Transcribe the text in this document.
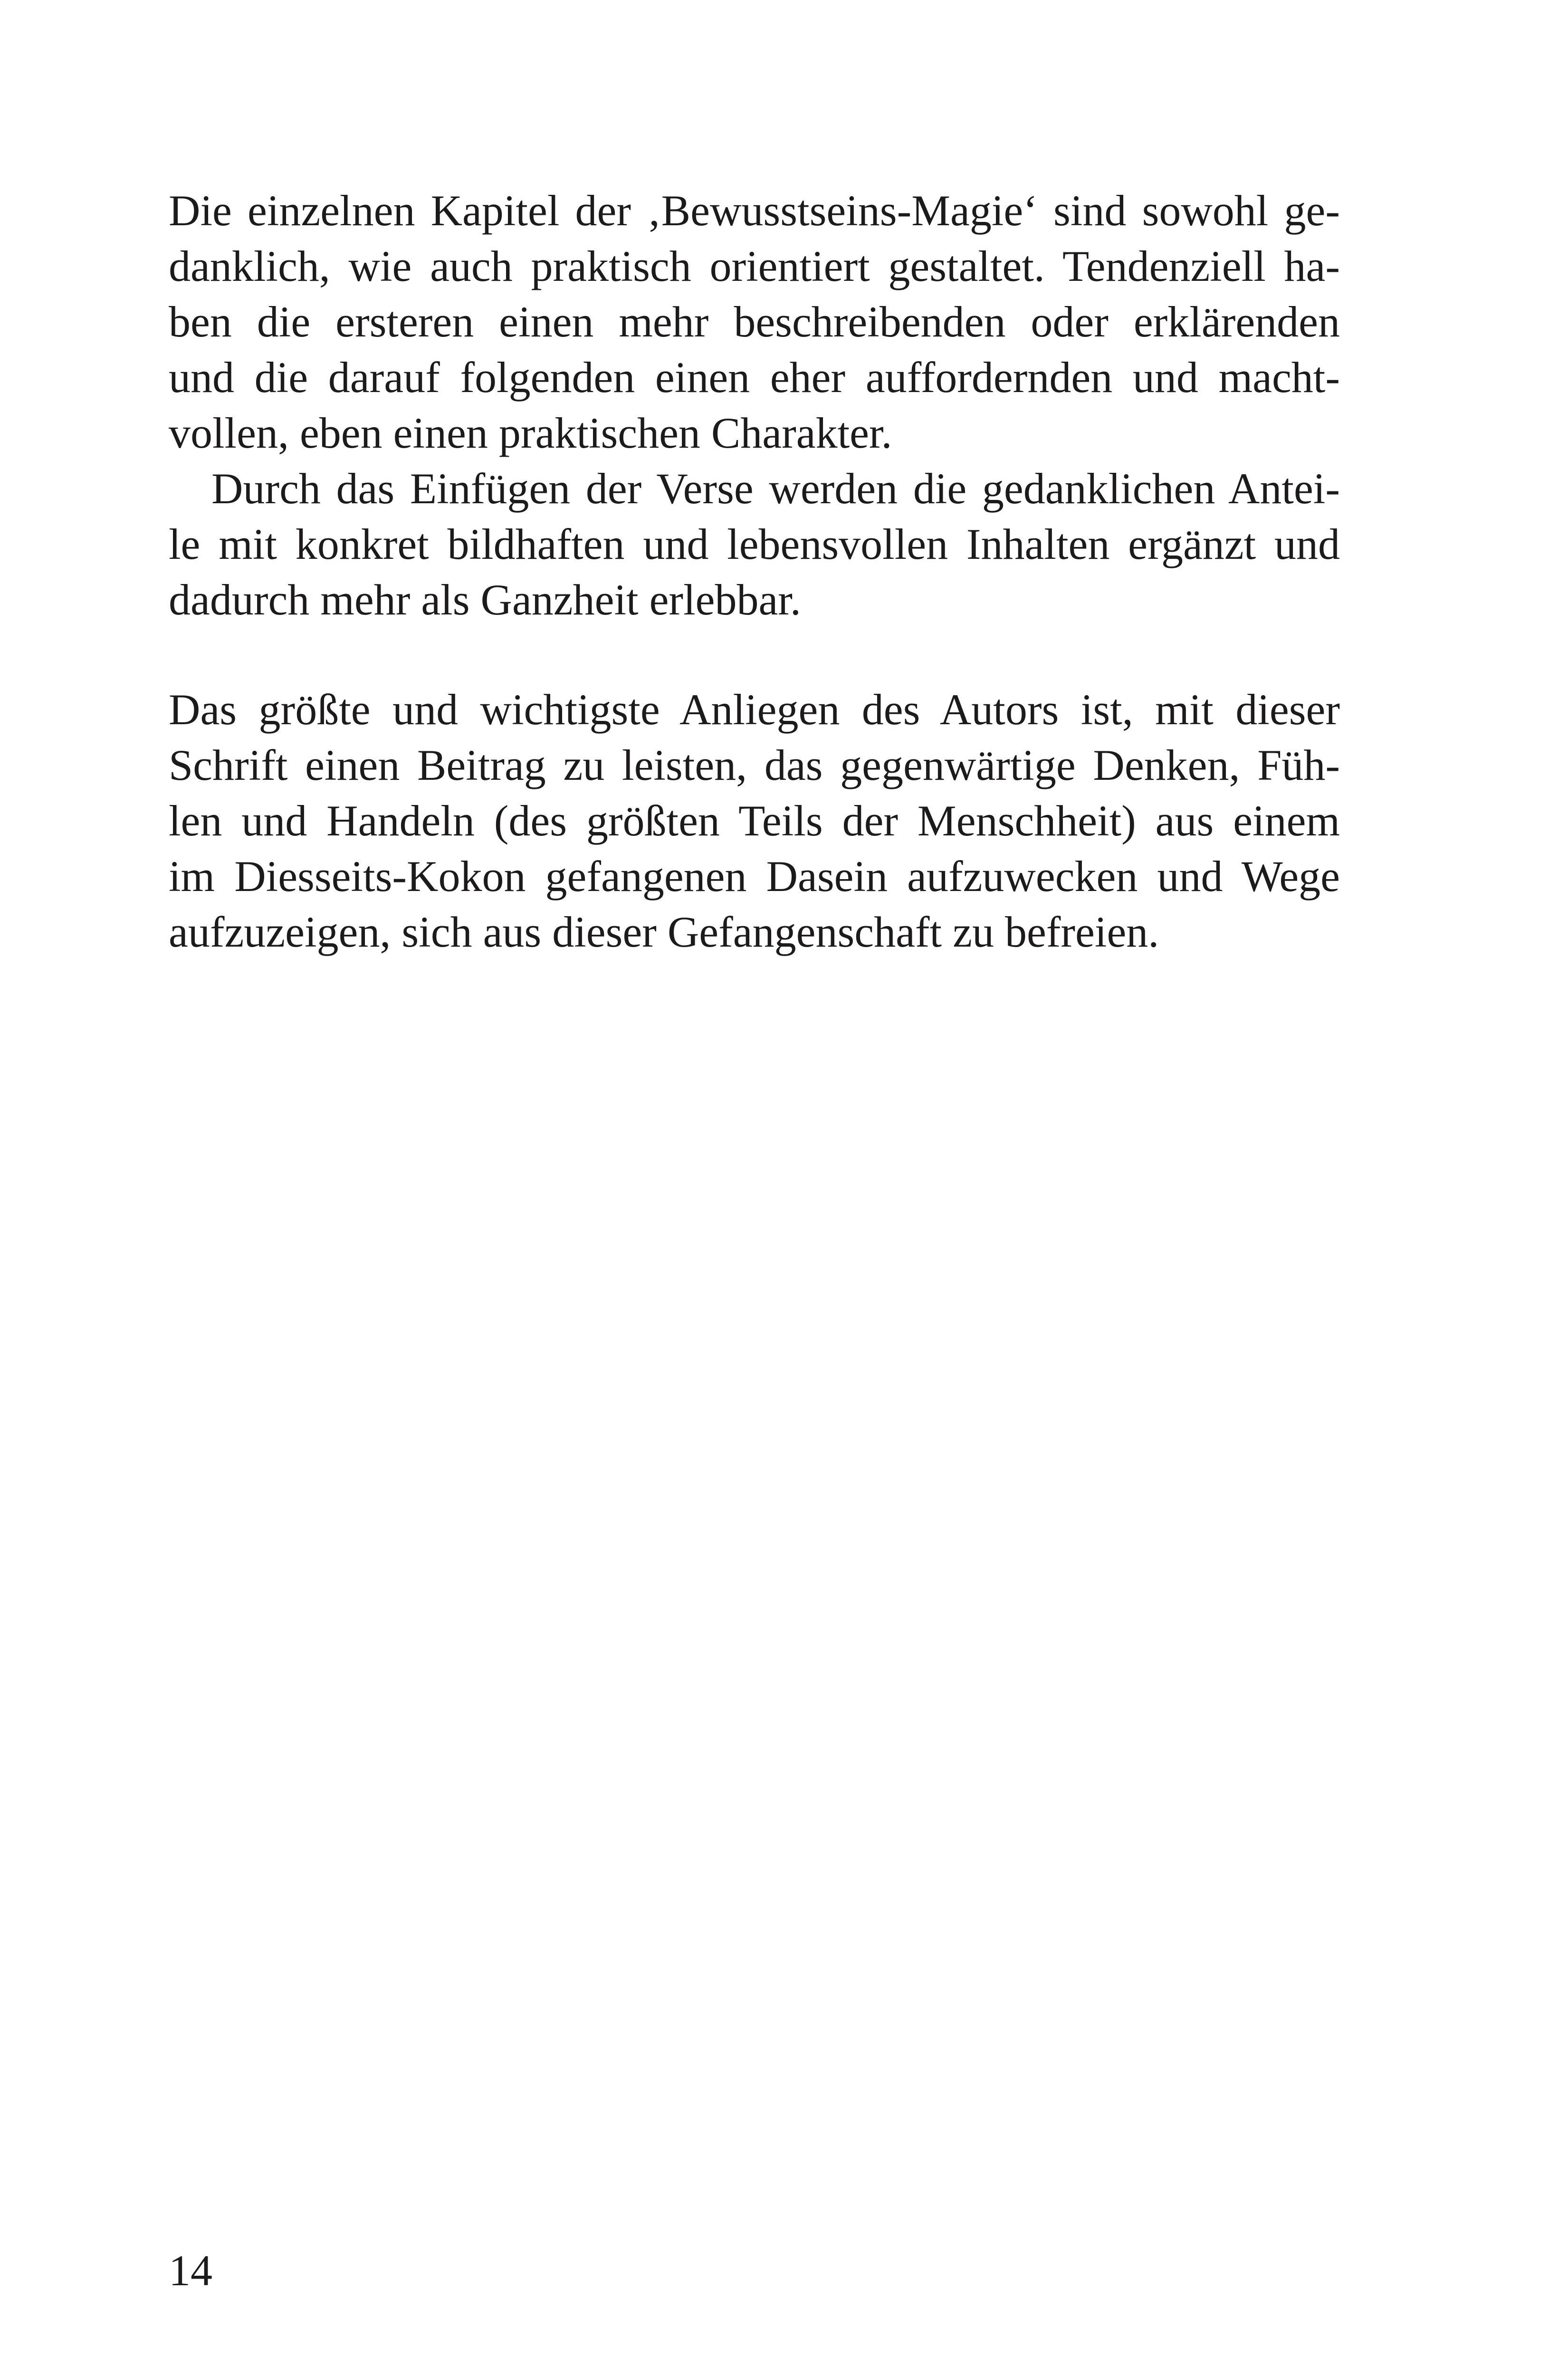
Die einzelnen Kapitel der ‚Bewusstseins-Magie‘ sind sowohl ge-
danklich, wie auch praktisch orientiert gestaltet. Tendenziell ha-
ben die ersteren einen mehr beschreibenden oder erklärenden
und die darauf folgenden einen eher auffordernden und macht-
vollen, eben einen praktischen Charakter.
Durch das Einfügen der Verse werden die gedanklichen Antei-
le mit konkret bildhaften und lebensvollen Inhalten ergänzt und
dadurch mehr als Ganzheit erlebbar.
Das größte und wichtigste Anliegen des Autors ist, mit dieser
Schrift einen Beitrag zu leisten, das gegenwärtige Denken, Füh-
len und Handeln (des größten Teils der Menschheit) aus einem
im Diesseits-Kokon gefangenen Dasein aufzuwecken und Wege
aufzuzeigen, sich aus dieser Gefangenschaft zu befreien.
14
